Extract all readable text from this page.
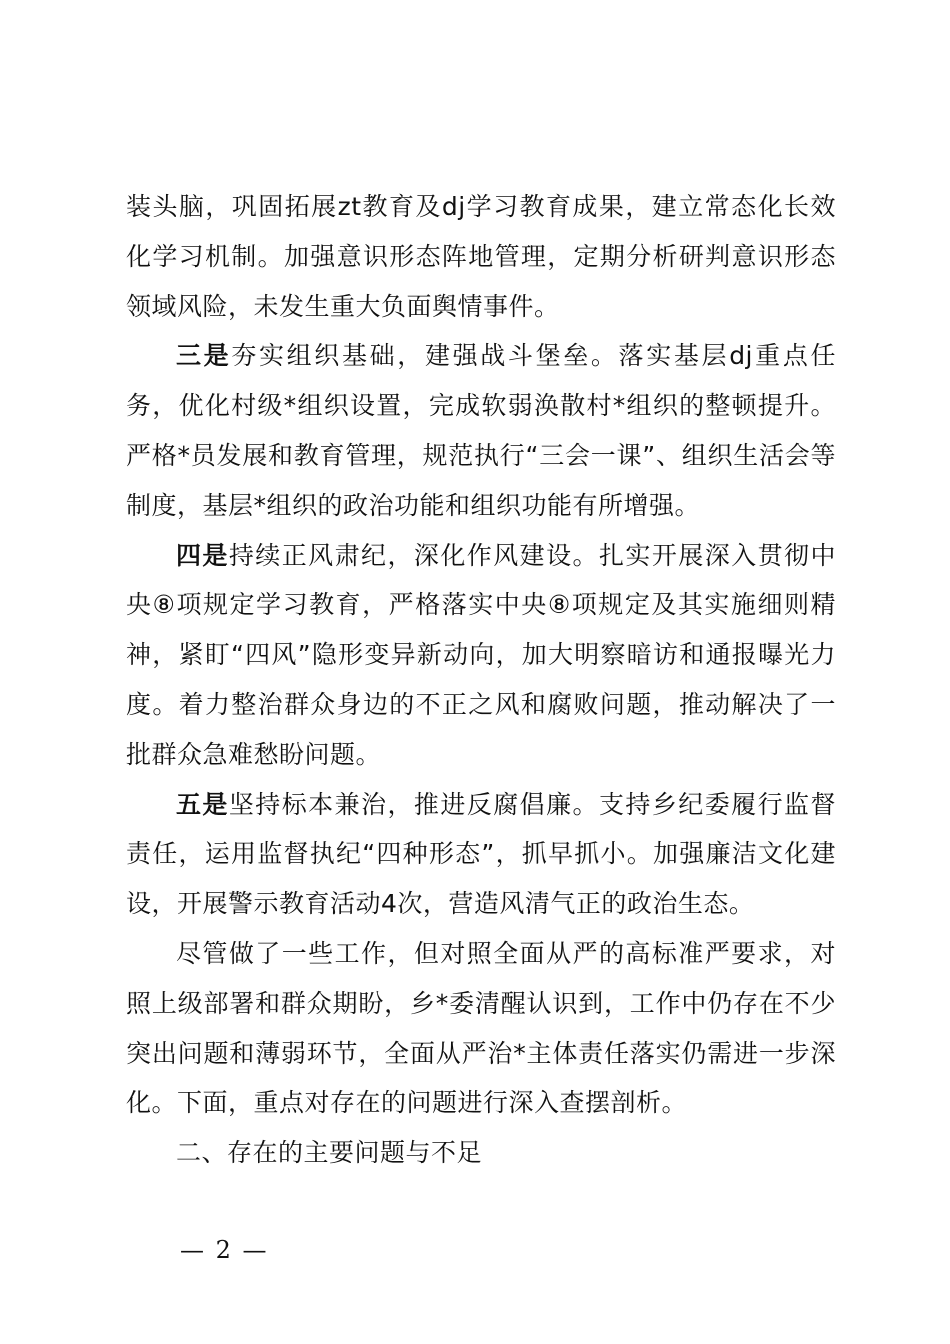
装头脑，巩固拓展zt教育及dj学习教育成果，建立常态化长效化学习机制。加强意识形态阵地管理，定期分析研判意识形态领域风险，未发生重大负面舆情事件。

三是夯实组织基础，建强战斗堡垒。落实基层dj重点任务，优化村级*组织设置，完成软弱涣散村*组织的整顿提升。严格*员发展和教育管理，规范执行“三会一课”、组织生活会等制度，基层*组织的政治功能和组织功能有所增强。

四是持续正风肃纪，深化作风建设。扎实开展深入贯彻中央⑧项规定学习教育，严格落实中央⑧项规定及其实施细则精神，紧盯“四风”隐形变异新动向，加大明察暗访和通报曝光力度。着力整治群众身边的不正之风和腐败问题，推动解决了一批群众急难愁盼问题。

五是坚持标本兼治，推进反腐倡廉。支持乡纪委履行监督责任，运用监督执纪“四种形态”，抓早抓小。加强廉洁文化建设，开展警示教育活动4次，营造风清气正的政治生态。

尽管做了一些工作，但对照全面从严的高标准严要求，对照上级部署和群众期盼，乡*委清醒认识到，工作中仍存在不少突出问题和薄弱环节，全面从严治*主体责任落实仍需进一步深化。下面，重点对存在的问题进行深入查摆剖析。

二、存在的主要问题与不足

— 2 —
